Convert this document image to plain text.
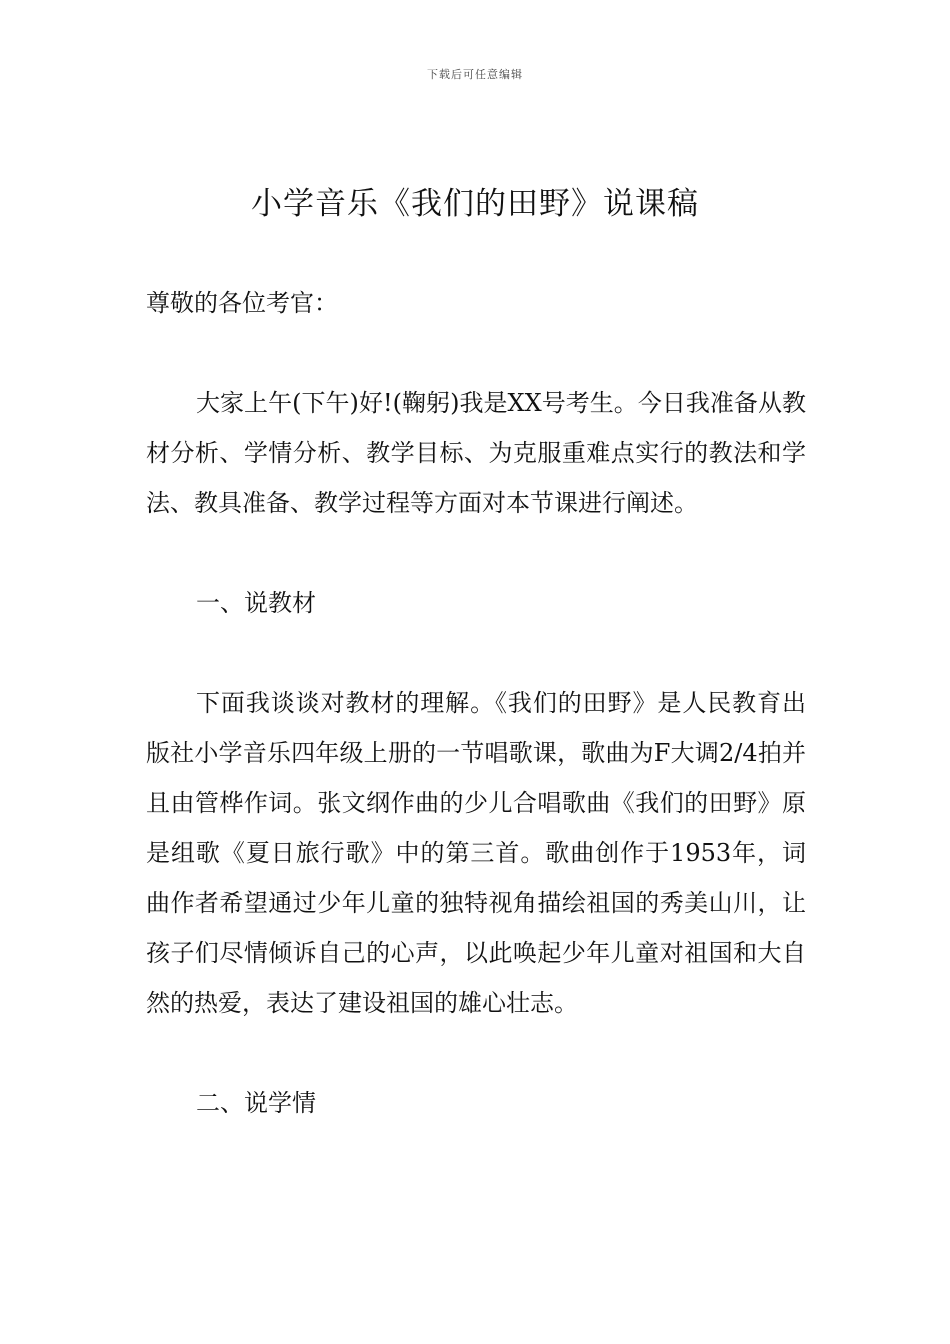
下载后可任意编辑
小学音乐《我们的田野》说课稿

尊敬的各位考官：

大家上午(下午)好!(鞠躬)我是XX号考生。今日我准备从教材分析、学情分析、教学目标、为克服重难点实行的教法和学法、教具准备、教学过程等方面对本节课进行阐述。

一、说教材

下面我谈谈对教材的理解。《我们的田野》是人民教育出版社小学音乐四年级上册的一节唱歌课，歌曲为F大调2/4拍并且由管桦作词。张文纲作曲的少儿合唱歌曲《我们的田野》原是组歌《夏日旅行歌》中的第三首。歌曲创作于1953年，词曲作者希望通过少年儿童的独特视角描绘祖国的秀美山川，让孩子们尽情倾诉自己的心声，以此唤起少年儿童对祖国和大自然的热爱，表达了建设祖国的雄心壮志。

二、说学情
